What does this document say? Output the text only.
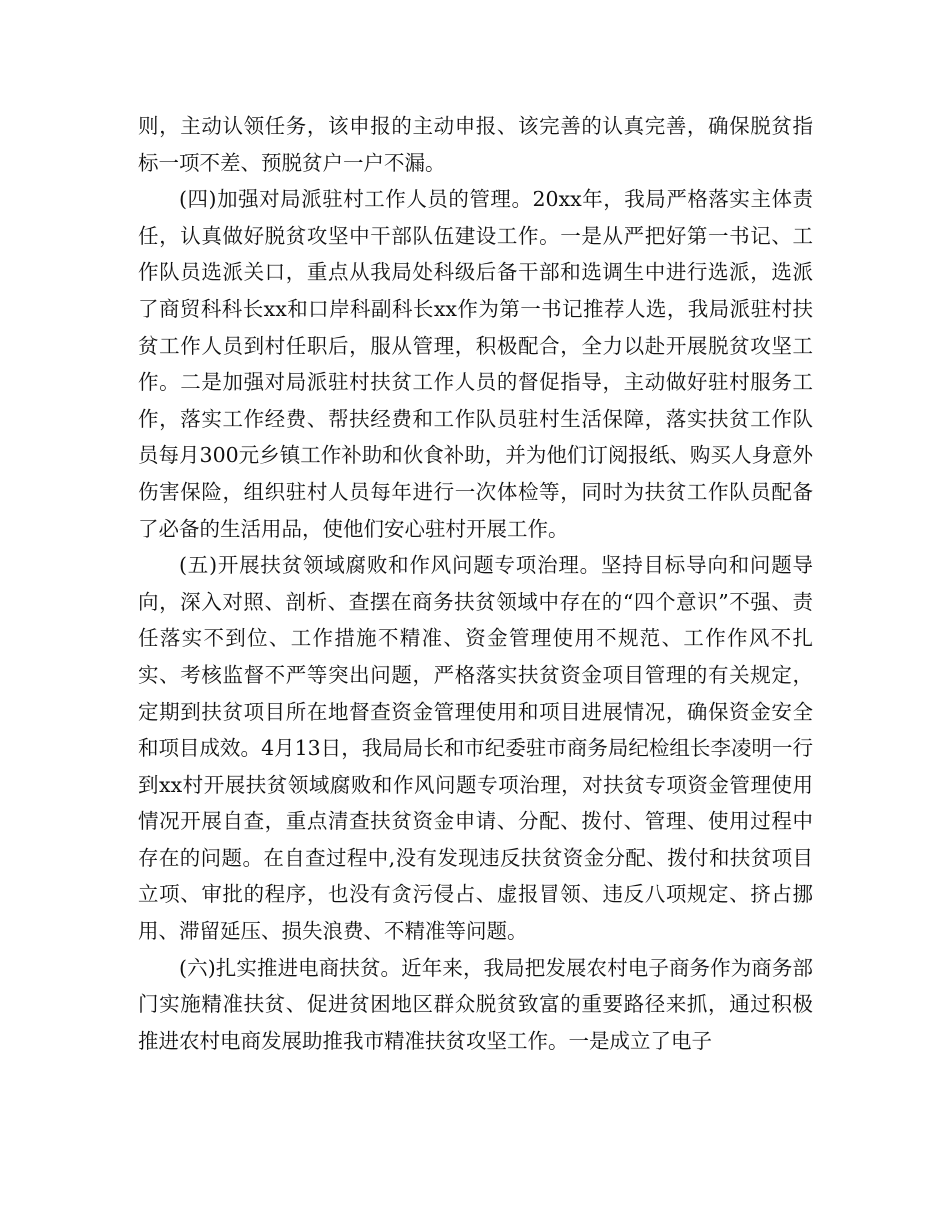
则，主动认领任务，该申报的主动申报、该完善的认真完善，确保脱贫指标一项不差、预脱贫户一户不漏。

(四)加强对局派驻村工作人员的管理。20xx年，我局严格落实主体责任，认真做好脱贫攻坚中干部队伍建设工作。一是从严把好第一书记、工作队员选派关口，重点从我局处科级后备干部和选调生中进行选派，选派了商贸科科长xx和口岸科副科长xx作为第一书记推荐人选，我局派驻村扶贫工作人员到村任职后，服从管理，积极配合，全力以赴开展脱贫攻坚工作。二是加强对局派驻村扶贫工作人员的督促指导，主动做好驻村服务工作，落实工作经费、帮扶经费和工作队员驻村生活保障，落实扶贫工作队员每月300元乡镇工作补助和伙食补助，并为他们订阅报纸、购买人身意外伤害保险，组织驻村人员每年进行一次体检等，同时为扶贫工作队员配备了必备的生活用品，使他们安心驻村开展工作。

(五)开展扶贫领域腐败和作风问题专项治理。坚持目标导向和问题导向，深入对照、剖析、查摆在商务扶贫领域中存在的“四个意识”不强、责任落实不到位、工作措施不精准、资金管理使用不规范、工作作风不扎实、考核监督不严等突出问题，严格落实扶贫资金项目管理的有关规定，定期到扶贫项目所在地督查资金管理使用和项目进展情况，确保资金安全和项目成效。4月13日，我局局长和市纪委驻市商务局纪检组长李凌明一行到xx村开展扶贫领域腐败和作风问题专项治理，对扶贫专项资金管理使用情况开展自查，重点清查扶贫资金申请、分配、拨付、管理、使用过程中存在的问题。在自查过程中,没有发现违反扶贫资金分配、拨付和扶贫项目立项、审批的程序，也没有贪污侵占、虚报冒领、违反八项规定、挤占挪用、滞留延压、损失浪费、不精准等问题。

(六)扎实推进电商扶贫。近年来，我局把发展农村电子商务作为商务部门实施精准扶贫、促进贫困地区群众脱贫致富的重要路径来抓，通过积极推进农村电商发展助推我市精准扶贫攻坚工作。一是成立了电子
